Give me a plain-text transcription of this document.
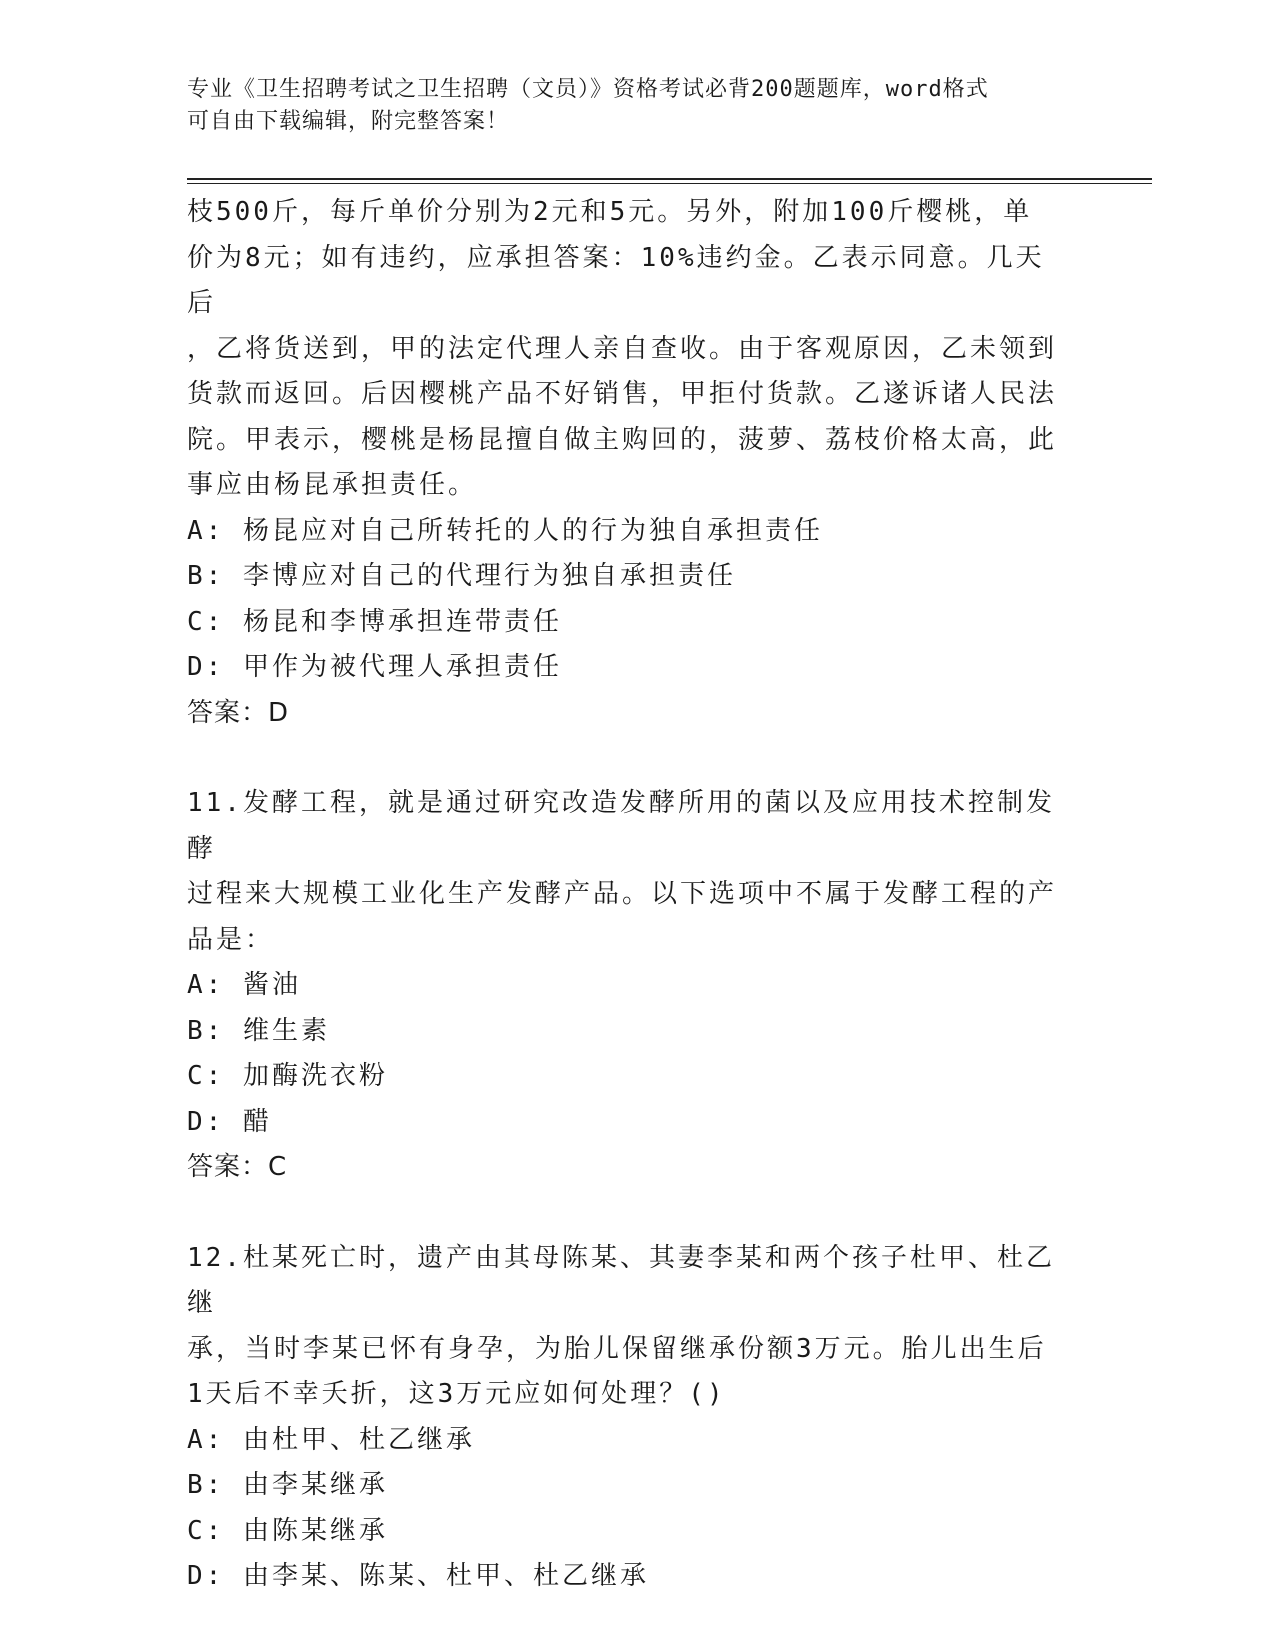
专业《卫生招聘考试之卫生招聘（文员）》资格考试必背200题题库，word格式
可自由下载编辑，附完整答案！

枝500斤，每斤单价分别为2元和5元。另外，附加100斤樱桃，单

价为8元；如有违约，应承担答案：10%违约金。乙表示同意。几天后

，乙将货送到，甲的法定代理人亲自查收。由于客观原因，乙未领到

货款而返回。后因樱桃产品不好销售，甲拒付货款。乙遂诉诸人民法

院。甲表示，樱桃是杨昆擅自做主购回的，菠萝、荔枝价格太高，此

事应由杨昆承担责任。

A: 杨昆应对自己所转托的人的行为独自承担责任

B: 李博应对自己的代理行为独自承担责任

C: 杨昆和李博承担连带责任

D: 甲作为被代理人承担责任

答案：D

11.发酵工程，就是通过研究改造发酵所用的菌以及应用技术控制发酵

过程来大规模工业化生产发酵产品。以下选项中不属于发酵工程的产

品是：

A: 酱油

B: 维生素

C: 加酶洗衣粉

D: 醋

答案：C

12.杜某死亡时，遗产由其母陈某、其妻李某和两个孩子杜甲、杜乙继

承，当时李某已怀有身孕，为胎儿保留继承份额3万元。胎儿出生后

1天后不幸夭折，这3万元应如何处理？()

A: 由杜甲、杜乙继承

B: 由李某继承

C: 由陈某继承

D: 由李某、陈某、杜甲、杜乙继承
